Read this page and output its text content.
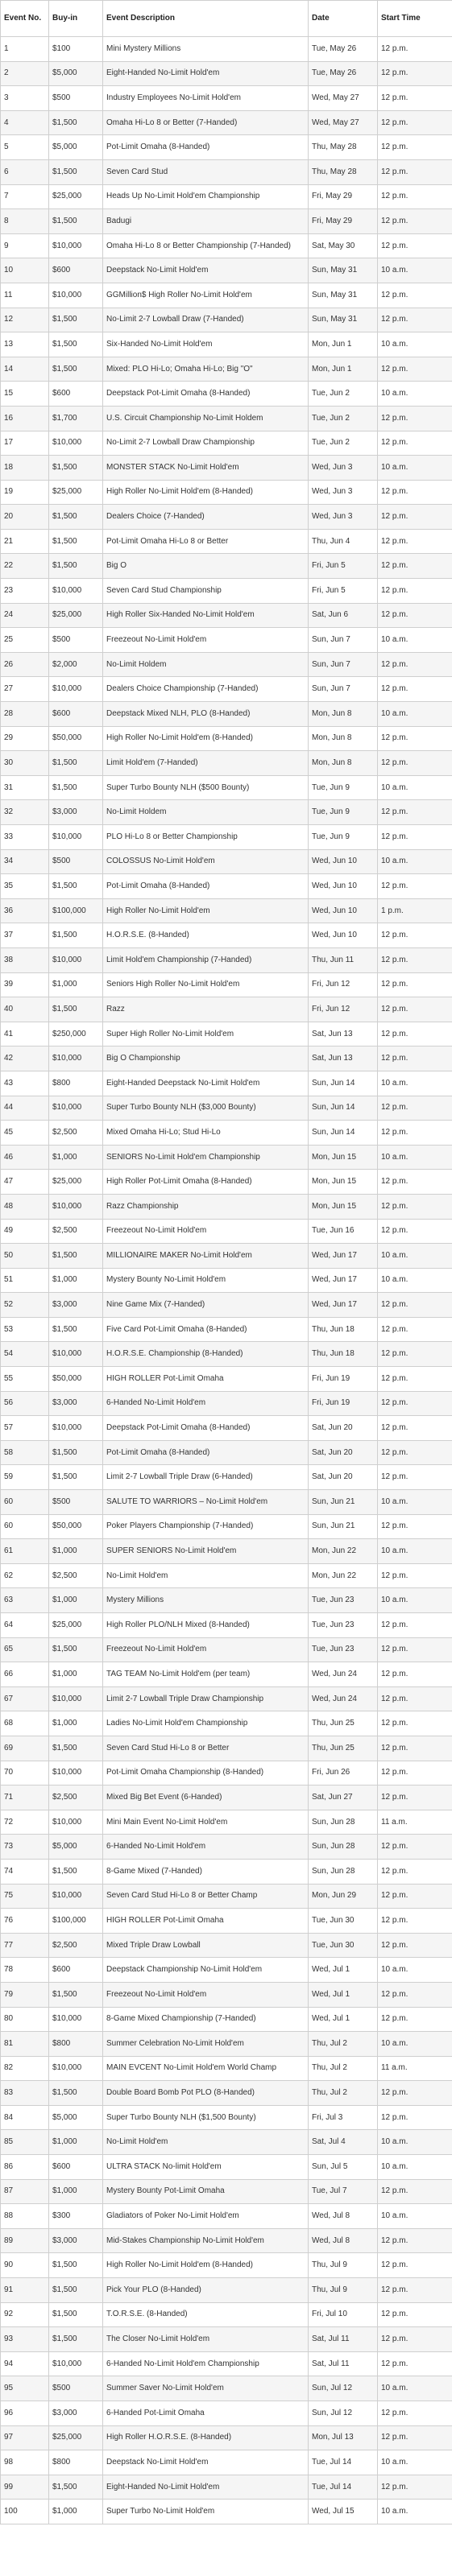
Event No.	Buy-in	Event Description	Date	Start Time
1	$100	Mini Mystery Millions	Tue, May 26	12 p.m.
2	$5,000	Eight-Handed No-Limit Hold'em	Tue, May 26	12 p.m.
3	$500	Industry Employees No-Limit Hold'em	Wed, May 27	12 p.m.
4	$1,500	Omaha Hi-Lo 8 or Better (7-Handed)	Wed, May 27	12 p.m.
5	$5,000	Pot-Limit Omaha (8-Handed)	Thu, May 28	12 p.m.
6	$1,500	Seven Card Stud	Thu, May 28	12 p.m.
7	$25,000	Heads Up No-Limit Hold'em Championship	Fri, May 29	12 p.m.
8	$1,500	Badugi	Fri, May 29	12 p.m.
9	$10,000	Omaha Hi-Lo 8 or Better Championship (7-Handed)	Sat, May 30	12 p.m.
10	$600	Deepstack No-Limit Hold'em	Sun, May 31	10 a.m.
11	$10,000	GGMillion$ High Roller No-Limit Hold'em	Sun, May 31	12 p.m.
12	$1,500	No-Limit 2-7 Lowball Draw (7-Handed)	Sun, May 31	12 p.m.
13	$1,500	Six-Handed No-Limit Hold'em	Mon, Jun 1	10 a.m.
14	$1,500	Mixed: PLO Hi-Lo; Omaha Hi-Lo; Big "O"	Mon, Jun 1	12 p.m.
15	$600	Deepstack Pot-Limit Omaha (8-Handed)	Tue, Jun 2	10 a.m.
16	$1,700	U.S. Circuit Championship No-Limit Holdem	Tue, Jun 2	12 p.m.
17	$10,000	No-Limit 2-7 Lowball Draw Championship	Tue, Jun 2	12 p.m.
18	$1,500	MONSTER STACK No-Limit Hold'em	Wed, Jun 3	10 a.m.
19	$25,000	High Roller No-Limit Hold'em (8-Handed)	Wed, Jun 3	12 p.m.
20	$1,500	Dealers Choice (7-Handed)	Wed, Jun 3	12 p.m.
21	$1,500	Pot-Limit Omaha Hi-Lo 8 or Better	Thu, Jun 4	12 p.m.
22	$1,500	Big O	Fri, Jun 5	12 p.m.
23	$10,000	Seven Card Stud Championship	Fri, Jun 5	12 p.m.
24	$25,000	High Roller Six-Handed No-Limit Hold'em	Sat, Jun 6	12 p.m.
25	$500	Freezeout No-Limit Hold'em	Sun, Jun 7	10 a.m.
26	$2,000	No-Limit Holdem	Sun, Jun 7	12 p.m.
27	$10,000	Dealers Choice Championship (7-Handed)	Sun, Jun 7	12 p.m.
28	$600	Deepstack Mixed NLH, PLO (8-Handed)	Mon, Jun 8	10 a.m.
29	$50,000	High Roller No-Limit Hold'em (8-Handed)	Mon, Jun 8	12 p.m.
30	$1,500	Limit Hold'em (7-Handed)	Mon, Jun 8	12 p.m.
31	$1,500	Super Turbo Bounty NLH ($500 Bounty)	Tue, Jun 9	10 a.m.
32	$3,000	No-Limit Holdem	Tue, Jun 9	12 p.m.
33	$10,000	PLO Hi-Lo 8 or Better Championship	Tue, Jun 9	12 p.m.
34	$500	COLOSSUS No-Limit Hold'em	Wed, Jun 10	10 a.m.
35	$1,500	Pot-Limit Omaha (8-Handed)	Wed, Jun 10	12 p.m.
36	$100,000	High Roller No-Limit Hold'em	Wed, Jun 10	1 p.m.
37	$1,500	H.O.R.S.E. (8-Handed)	Wed, Jun 10	12 p.m.
38	$10,000	Limit Hold'em Championship (7-Handed)	Thu, Jun 11	12 p.m.
39	$1,000	Seniors High Roller No-Limit Hold'em	Fri, Jun 12	12 p.m.
40	$1,500	Razz	Fri, Jun 12	12 p.m.
41	$250,000	Super High Roller No-Limit Hold'em	Sat, Jun 13	12 p.m.
42	$10,000	Big O Championship	Sat, Jun 13	12 p.m.
43	$800	Eight-Handed Deepstack No-Limit Hold'em	Sun, Jun 14	10 a.m.
44	$10,000	Super Turbo Bounty NLH ($3,000 Bounty)	Sun, Jun 14	12 p.m.
45	$2,500	Mixed Omaha Hi-Lo; Stud Hi-Lo	Sun, Jun 14	12 p.m.
46	$1,000	SENIORS No-Limit Hold'em Championship	Mon, Jun 15	10 a.m.
47	$25,000	High Roller Pot-Limit Omaha (8-Handed)	Mon, Jun 15	12 p.m.
48	$10,000	Razz Championship	Mon, Jun 15	12 p.m.
49	$2,500	Freezeout No-Limit Hold'em	Tue, Jun 16	12 p.m.
50	$1,500	MILLIONAIRE MAKER No-Limit Hold'em	Wed, Jun 17	10 a.m.
51	$1,000	Mystery Bounty No-Limit Hold'em	Wed, Jun 17	10 a.m.
52	$3,000	Nine Game Mix (7-Handed)	Wed, Jun 17	12 p.m.
53	$1,500	Five Card Pot-Limit Omaha (8-Handed)	Thu, Jun 18	12 p.m.
54	$10,000	H.O.R.S.E. Championship (8-Handed)	Thu, Jun 18	12 p.m.
55	$50,000	HIGH ROLLER Pot-Limit Omaha	Fri, Jun 19	12 p.m.
56	$3,000	6-Handed No-Limit Hold'em	Fri, Jun 19	12 p.m.
57	$10,000	Deepstack Pot-Limit Omaha (8-Handed)	Sat, Jun 20	12 p.m.
58	$1,500	Pot-Limit Omaha (8-Handed)	Sat, Jun 20	12 p.m.
59	$1,500	Limit 2-7 Lowball Triple Draw (6-Handed)	Sat, Jun 20	12 p.m.
60	$500	SALUTE TO WARRIORS – No-Limit Hold'em	Sun, Jun 21	10 a.m.
60	$50,000	Poker Players Championship (7-Handed)	Sun, Jun 21	12 p.m.
61	$1,000	SUPER SENIORS No-Limit Hold'em	Mon, Jun 22	10 a.m.
62	$2,500	No-Limit Hold'em	Mon, Jun 22	12 p.m.
63	$1,000	Mystery Millions	Tue, Jun 23	10 a.m.
64	$25,000	High Roller PLO/NLH Mixed (8-Handed)	Tue, Jun 23	12 p.m.
65	$1,500	Freezeout No-Limit Hold'em	Tue, Jun 23	12 p.m.
66	$1,000	TAG TEAM No-Limit Hold'em (per team)	Wed, Jun 24	12 p.m.
67	$10,000	Limit 2-7 Lowball Triple Draw Championship	Wed, Jun 24	12 p.m.
68	$1,000	Ladies No-Limit Hold'em Championship	Thu, Jun 25	12 p.m.
69	$1,500	Seven Card Stud Hi-Lo 8 or Better	Thu, Jun 25	12 p.m.
70	$10,000	Pot-Limit Omaha Championship (8-Handed)	Fri, Jun 26	12 p.m.
71	$2,500	Mixed Big Bet Event (6-Handed)	Sat, Jun 27	12 p.m.
72	$10,000	Mini Main Event No-Limit Hold'em	Sun, Jun 28	11 a.m.
73	$5,000	6-Handed No-Limit Hold'em	Sun, Jun 28	12 p.m.
74	$1,500	8-Game Mixed (7-Handed)	Sun, Jun 28	12 p.m.
75	$10,000	Seven Card Stud Hi-Lo 8 or Better Champ	Mon, Jun 29	12 p.m.
76	$100,000	HIGH ROLLER Pot-Limit Omaha	Tue, Jun 30	12 p.m.
77	$2,500	Mixed Triple Draw Lowball	Tue, Jun 30	12 p.m.
78	$600	Deepstack Championship No-Limit Hold'em	Wed, Jul 1	10 a.m.
79	$1,500	Freezeout No-Limit Hold'em	Wed, Jul 1	12 p.m.
80	$10,000	8-Game Mixed Championship (7-Handed)	Wed, Jul 1	12 p.m.
81	$800	Summer Celebration No-Limit Hold'em	Thu, Jul 2	10 a.m.
82	$10,000	MAIN EVCENT No-Limit Hold'em World Champ	Thu, Jul 2	11 a.m.
83	$1,500	Double Board Bomb Pot PLO (8-Handed)	Thu, Jul 2	12 p.m.
84	$5,000	Super Turbo Bounty NLH ($1,500 Bounty)	Fri, Jul 3	12 p.m.
85	$1,000	No-Limit Hold'em	Sat, Jul 4	10 a.m.
86	$600	ULTRA STACK No-limit Hold'em	Sun, Jul 5	10 a.m.
87	$1,000	Mystery Bounty Pot-Limit Omaha	Tue, Jul 7	12 p.m.
88	$300	Gladiators of Poker No-Limit Hold'em	Wed, Jul 8	10 a.m.
89	$3,000	Mid-Stakes Championship No-Limit Hold'em	Wed, Jul 8	12 p.m.
90	$1,500	High Roller No-Limit Hold'em (8-Handed)	Thu, Jul 9	12 p.m.
91	$1,500	Pick Your PLO (8-Handed)	Thu, Jul 9	12 p.m.
92	$1,500	T.O.R.S.E. (8-Handed)	Fri, Jul 10	12 p.m.
93	$1,500	The Closer No-Limit Hold'em	Sat, Jul 11	12 p.m.
94	$10,000	6-Handed No-Limit Hold'em Championship	Sat, Jul 11	12 p.m.
95	$500	Summer Saver No-Limit Hold'em	Sun, Jul 12	10 a.m.
96	$3,000	6-Handed Pot-Limit Omaha	Sun, Jul 12	12 p.m.
97	$25,000	High Roller H.O.R.S.E. (8-Handed)	Mon, Jul 13	12 p.m.
98	$800	Deepstack No-Limit Hold'em	Tue, Jul 14	10 a.m.
99	$1,500	Eight-Handed No-Limit Hold'em	Tue, Jul 14	12 p.m.
100	$1,000	Super Turbo No-Limit Hold'em	Wed, Jul 15	10 a.m.
